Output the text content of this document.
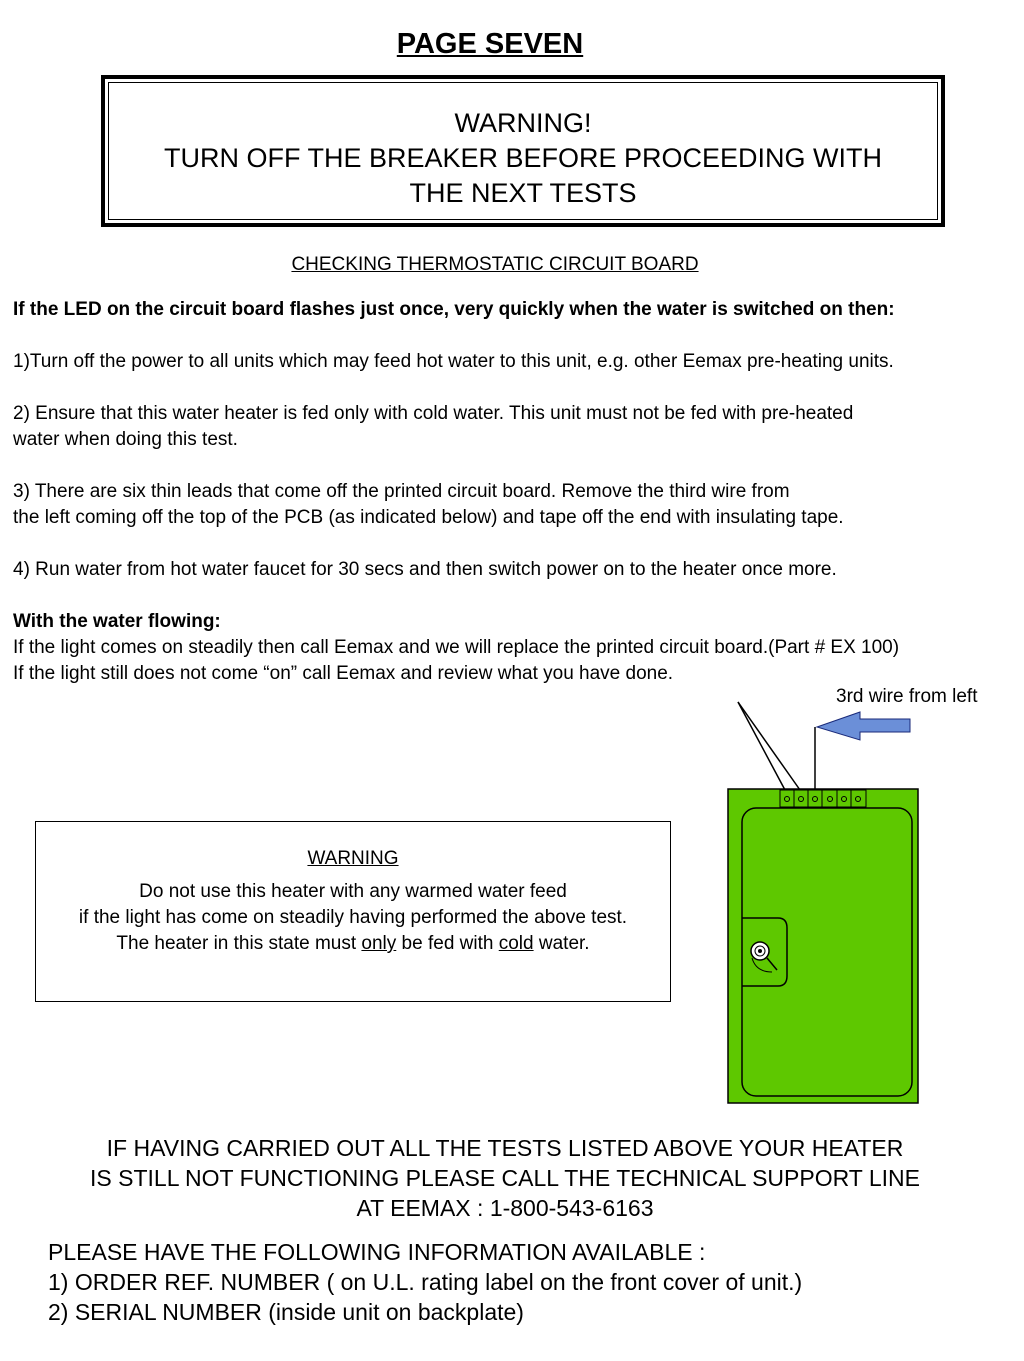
PAGE SEVEN
WARNING!
TURN OFF THE BREAKER BEFORE PROCEEDING WITH
THE NEXT TESTS
CHECKING THERMOSTATIC CIRCUIT BOARD
If the LED on the circuit board flashes just once, very quickly when the water is switched on then:
1)Turn off the power to all units which may feed hot water to this unit, e.g. other Eemax pre-heating units.
2) Ensure that this water heater is fed only with cold water. This unit must not be fed with pre-heated
water when doing this test.
3) There are six thin leads that come off the printed circuit board. Remove the third wire from
the left coming off the top of the PCB (as indicated below) and tape off the end with insulating tape.
4) Run water from hot water faucet for 30 secs and then switch power on to the heater once more.
With the water flowing:
If the light comes on steadily then call Eemax and we will replace the printed circuit board.(Part # EX 100)
If the light still does not come “on” call Eemax and review what you have done.
3rd wire from left
WARNING
Do not use this heater with any warmed water feed
if the light has come on steadily having performed the above test.
The heater in this state must only be fed with cold water.
IF HAVING CARRIED OUT ALL THE TESTS LISTED ABOVE YOUR HEATER
IS STILL NOT FUNCTIONING PLEASE CALL THE TECHNICAL SUPPORT LINE
AT EEMAX : 1-800-543-6163
PLEASE HAVE THE FOLLOWING INFORMATION AVAILABLE :
1) ORDER REF. NUMBER ( on U.L. rating label on the front cover of unit.)
2) SERIAL NUMBER (inside unit on backplate)
